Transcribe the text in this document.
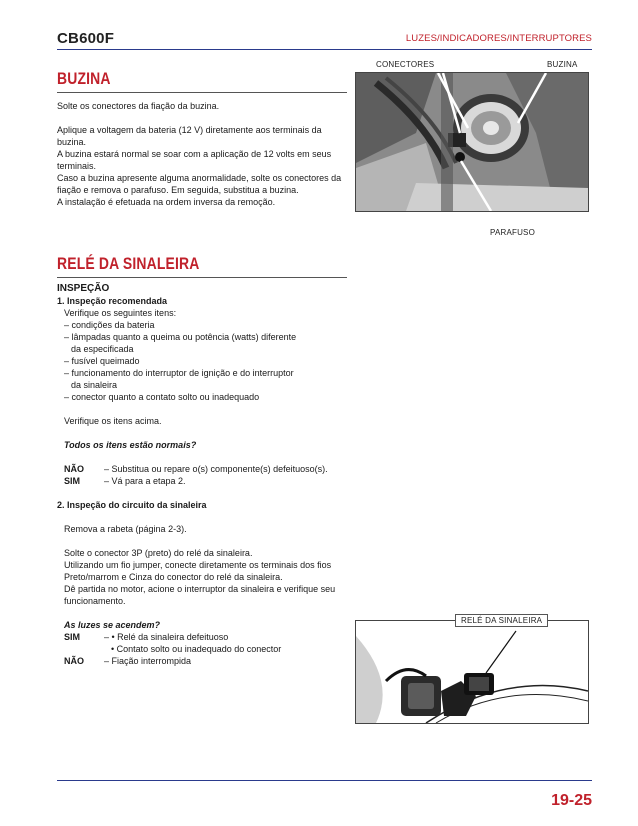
CB600F	LUZES/INDICADORES/INTERRUPTORES
BUZINA

Solte os conectores da fiação da buzina.

Aplique a voltagem da bateria (12 V) diretamente aos terminais da buzina.

A buzina estará normal se soar com a aplicação de 12 volts em seus terminais.

Caso a buzina apresente alguma anormalidade, solte os conectores da fiação e remova o parafuso. Em seguida, substitua a buzina.

A instalação é efetuada na ordem inversa da remoção.

CONECTORES	BUZINA
PARAFUSO
RELÉ DA SINALEIRA

INSPEÇÃO

1. Inspeção recomendada

Verifique os seguintes itens:

– condições da bateria

– lâmpadas quanto a queima ou potência (watts) diferente

da especificada

– fusível queimado

– funcionamento do interruptor de ignição e do interruptor

da sinaleira

– conector quanto a contato solto ou inadequado

Verifique os itens acima.

Todos os itens estão normais?

NÃO	– Substitua ou repare o(s) componente(s) defeituoso(s).
SIM	– Vá para a etapa 2.

2. Inspeção do circuito da sinaleira

Remova a rabeta (página 2-3).

Solte o conector 3P (preto) do relé da sinaleira.

Utilizando um fio jumper, conecte diretamente os terminais dos fios Preto/marrom e Cinza do conector do relé da sinaleira.

Dê partida no motor, acione o interruptor da sinaleira e verifique seu funcionamento.

As luzes se acendem?

SIM	– • Relé da sinaleira defeituoso
• Contato solto ou inadequado do conector
NÃO	– Fiação interrompida
RELÉ DA SINALEIRA
19-25
